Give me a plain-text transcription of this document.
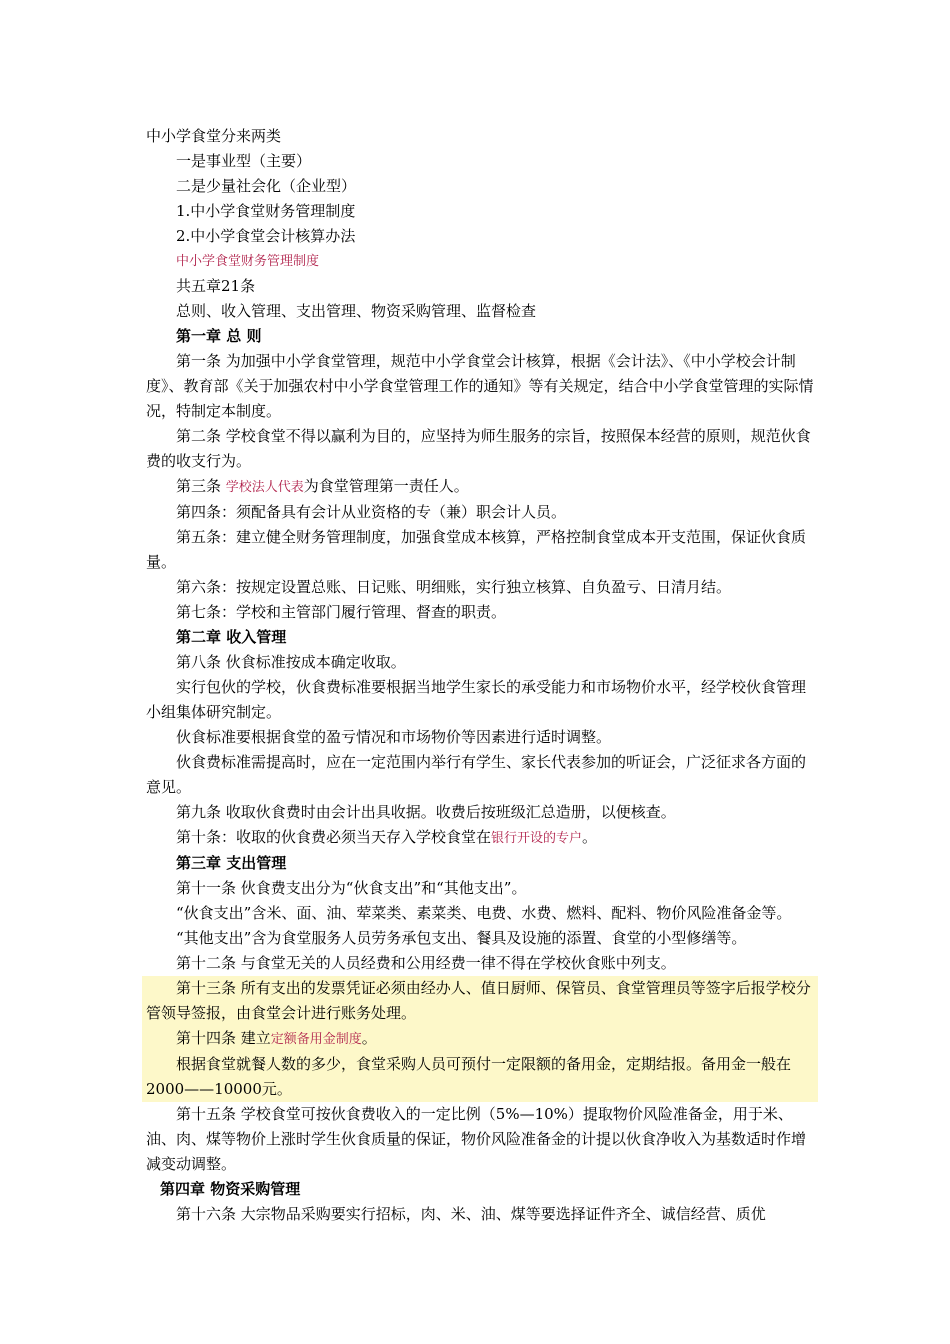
中小学食堂分来两类

一是事业型（主要）

二是少量社会化（企业型）

1.中小学食堂财务管理制度

2.中小学食堂会计核算办法

中小学食堂财务管理制度

共五章21条

总则、收入管理、支出管理、物资采购管理、监督检查

第一章 总 则

第一条 为加强中小学食堂管理，规范中小学食堂会计核算，根据《会计法》、《中小学校会计制度》、教育部《关于加强农村中小学食堂管理工作的通知》等有关规定，结合中小学食堂管理的实际情况，特制定本制度。

第二条 学校食堂不得以赢利为目的，应坚持为师生服务的宗旨，按照保本经营的原则，规范伙食费的收支行为。

第三条 学校法人代表为食堂管理第一责任人。

第四条：须配备具有会计从业资格的专（兼）职会计人员。

第五条：建立健全财务管理制度，加强食堂成本核算，严格控制食堂成本开支范围，保证伙食质量。

第六条：按规定设置总账、日记账、明细账，实行独立核算、自负盈亏、日清月结。

第七条：学校和主管部门履行管理、督查的职责。

第二章 收入管理

第八条 伙食标准按成本确定收取。

实行包伙的学校，伙食费标准要根据当地学生家长的承受能力和市场物价水平，经学校伙食管理小组集体研究制定。

伙食标准要根据食堂的盈亏情况和市场物价等因素进行适时调整。

伙食费标准需提高时，应在一定范围内举行有学生、家长代表参加的听证会，广泛征求各方面的意见。

第九条 收取伙食费时由会计出具收据。收费后按班级汇总造册，以便核查。

第十条：收取的伙食费必须当天存入学校食堂在银行开设的专户。

第三章 支出管理

第十一条 伙食费支出分为“伙食支出”和“其他支出”。

“伙食支出”含米、面、油、荤菜类、素菜类、电费、水费、燃料、配料、物价风险准备金等。

“其他支出”含为食堂服务人员劳务承包支出、餐具及设施的添置、食堂的小型修缮等。

第十二条 与食堂无关的人员经费和公用经费一律不得在学校伙食账中列支。

第十三条 所有支出的发票凭证必须由经办人、值日厨师、保管员、食堂管理员等签字后报学校分管领导签报，由食堂会计进行账务处理。

第十四条 建立定额备用金制度。

根据食堂就餐人数的多少，食堂采购人员可预付一定限额的备用金，定期结报。备用金一般在2000——10000元。

第十五条 学校食堂可按伙食费收入的一定比例（5%—10%）提取物价风险准备金，用于米、油、肉、煤等物价上涨时学生伙食质量的保证，物价风险准备金的计提以伙食净收入为基数适时作增减变动调整。

第四章 物资采购管理

第十六条 大宗物品采购要实行招标，肉、米、油、煤等要选择证件齐全、诚信经营、质优
